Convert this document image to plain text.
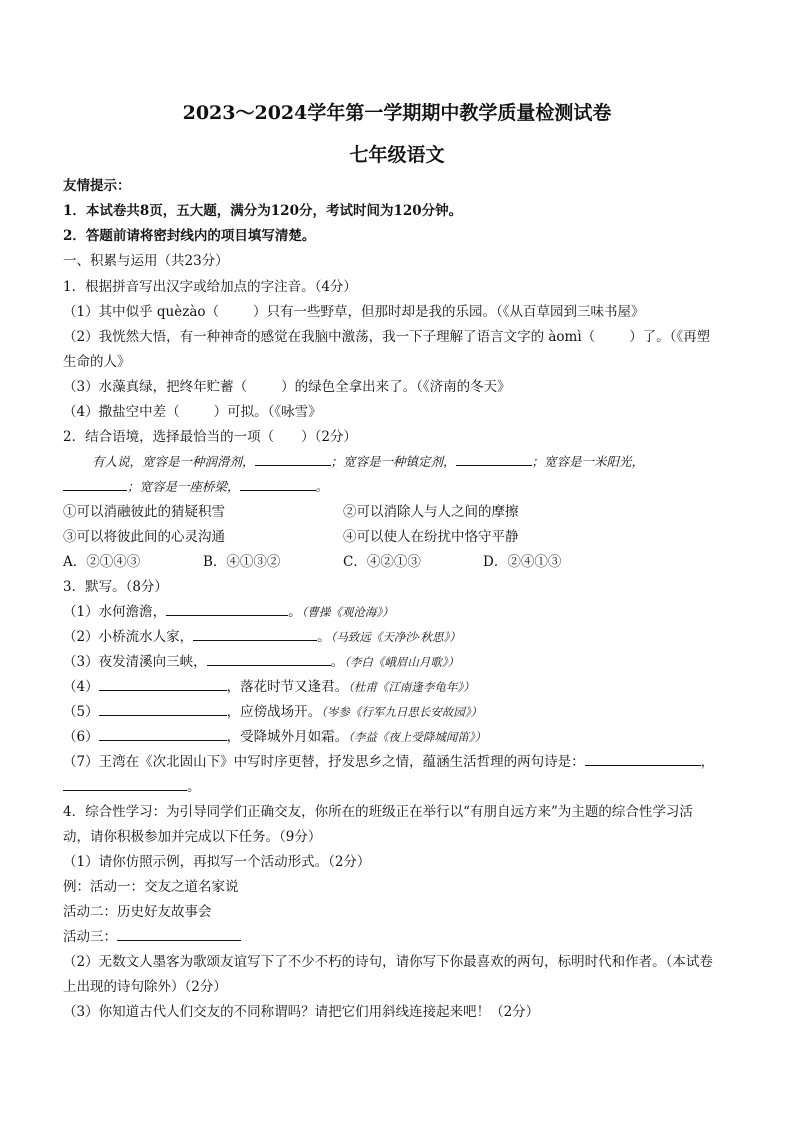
2023～2024学年第一学期期中教学质量检测试卷
七年级语文
友情提示：
1．本试卷共8页，五大题，满分为120分，考试时间为120分钟。
2．答题前请将密封线内的项目填写清楚。
一、积累与运用（共23分）
1．根据拼音写出汉字或给加点的字注音。（4分）
（1）其中似乎 quèzào（	）只有一些野草，但那时却是我的乐园。（《从百草园到三味书屋》
（2）我恍然大悟，有一种神奇的感觉在我脑中激荡，我一下子理解了语言文字的 àomì（	）了。（《再塑
生命的人》
（3）水藻真绿，把终年贮蓄（	）的绿色全拿出来了。（《济南的冬天》
（4）撒盐空中差（	）可拟。（《咏雪》
2．结合语境，选择最恰当的一项（　　）（2分）
有人说，宽容是一种润滑剂，	；宽容是一种镇定剂，	；宽容是一米阳光，
；宽容是一座桥梁，	。
①可以消融彼此的猜疑积雪	②可以消除人与人之间的摩擦
③可以将彼此间的心灵沟通	④可以使人在纷扰中恪守平静
A．②①④③	B．④①③②	C．④②①③	D．②④①③
3．默写。（8分）
（1）水何澹澹，	。（曹操《观沧海》）
（2）小桥流水人家，	。（马致远《天净沙·秋思》）
（3）夜发清溪向三峡，	。（李白《峨眉山月歌》）
（4）	，落花时节又逢君。（杜甫《江南逢李龟年》）
（5）	，应傍战场开。（岑参《行军九日思长安故园》）
（6）	，受降城外月如霜。（李益《夜上受降城闻笛》）
（7）王湾在《次北固山下》中写时序更替，抒发思乡之情，蕴涵生活哲理的两句诗是：	，
。
4．综合性学习：为引导同学们正确交友，你所在的班级正在举行以“有朋自远方来”为主题的综合性学习活
动，请你积极参加并完成以下任务。（9分）
（1）请你仿照示例，再拟写一个活动形式。（2分）
例：活动一：交友之道名家说
活动二：历史好友故事会
活动三：
（2）无数文人墨客为歌颂友谊写下了不少不朽的诗句，请你写下你最喜欢的两句，标明时代和作者。（本试卷
上出现的诗句除外）（2分）
（3）你知道古代人们交友的不同称谓吗？请把它们用斜线连接起来吧！（2分）
